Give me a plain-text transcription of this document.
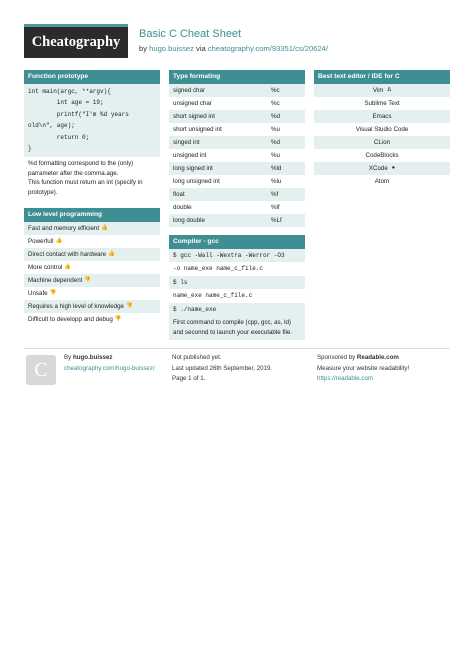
Cheatography	Basic C Cheat Sheet
by hugo.buissez via cheatography.com/93351/cs/20624/
Function prototype
int main(argc, **argv){
int age = 19;
printf("I'm %d years
old\n", age);
return 0;
}

%d formatting correspond to the (only) parrameter after the comma.age.

This function must return an int (specify in prototype).

Low level programming
Fast and memory efficient 👍
Powerfull 👍
Direct contact with hardware 👍
More control 👍
Machine dependent 👎
Unsafe 👎
Requires a high level of knowledge 👎
Difficult to developp and debug 👎
Type formating
signed char	%c
unsigned char	%c
short signed int	%d
short unsigned int	%u
singed int	%d
unsigned int	%u
long signed int	%ld
long unsigned int	%lu
float	%f
double	%lf
long double	%Lf
Compiler - gcc
$ gcc -Wall -Wextra -Werror -O3
-o name_exe name_c_file.c
$ ls
name_exe name_c_file.c
$ ./name_exe

First command to compile (cpp, gcc, as, ld) and seconnd to launch your executable file.

Best text editor / IDE for C
Vim Δ
Sublime Text
Emacs
Visual Studio Code
CLion
CodeBlocks
XCode ●
Atom
C
By hugo.buissez
cheatography.com/hugo-buissez/
Not published yet.
Last updated 26th September, 2019.
Page 1 of 1.
Sponsored by Readable.com
Measure your website readability!
https://readable.com
